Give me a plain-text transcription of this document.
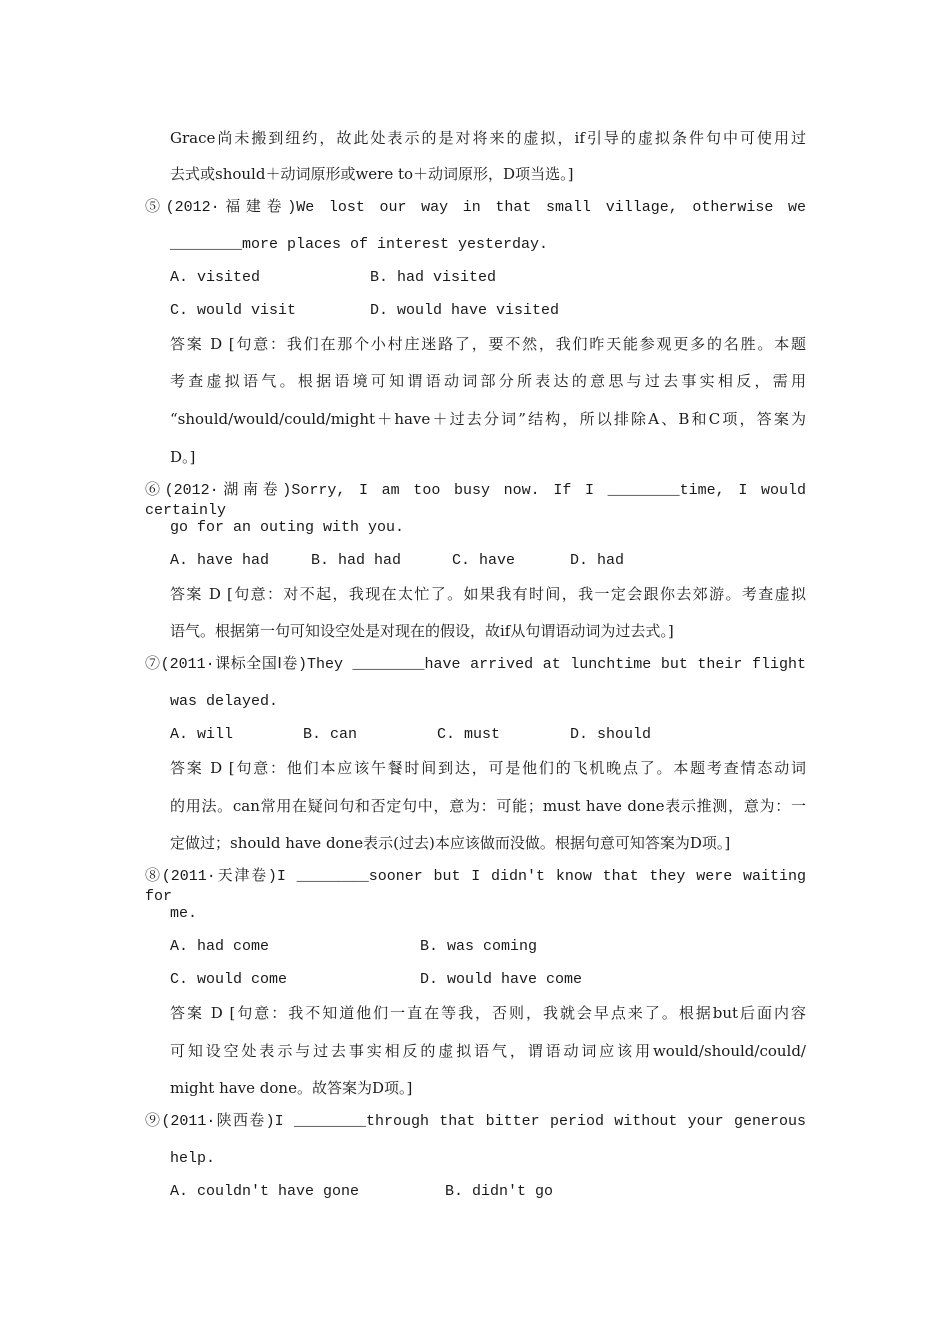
Grace尚未搬到纽约，故此处表示的是对将来的虚拟，if引导的虚拟条件句中可使用过
去式或should＋动词原形或were to＋动词原形，D项当选。]
⑤(2012·福建卷)We lost our way in that small village, otherwise we
________more places of interest yesterday.
A. visited	B. had visited
C. would visit	D. would have visited
答案 D [句意：我们在那个小村庄迷路了，要不然，我们昨天能参观更多的名胜。本题
考查虚拟语气。根据语境可知谓语动词部分所表达的意思与过去事实相反，需用
“should/would/could/might＋have＋过去分词”结构，所以排除A、B和C项，答案为
D。]
⑥(2012·湖南卷)Sorry, I am too busy now. If I ________time, I would certainly
go for an outing with you.
A. have had	B. had had	C. have	D. had
答案 D [句意：对不起，我现在太忙了。如果我有时间，我一定会跟你去郊游。考查虚拟
语气。根据第一句可知设空处是对现在的假设，故if从句谓语动词为过去式。]
⑦(2011·课标全国Ⅰ卷)They ________have arrived at lunchtime but their flight
was delayed.
A. will	B. can	C. must	D. should
答案 D [句意：他们本应该午餐时间到达，可是他们的飞机晚点了。本题考查情态动词
的用法。can常用在疑问句和否定句中，意为：可能；must have done表示推测，意为：一
定做过；should have done表示(过去)本应该做而没做。根据句意可知答案为D项。]
⑧(2011·天津卷)I ________sooner but I didn't know that they were waiting for
me.
A. had come	B. was coming
C. would come	D. would have come
答案 D [句意：我不知道他们一直在等我，否则，我就会早点来了。根据but后面内容
可知设空处表示与过去事实相反的虚拟语气，谓语动词应该用would/should/could/
might have done。故答案为D项。]
⑨(2011·陕西卷)I ________through that bitter period without your generous
help.
A. couldn't have gone	B. didn't go
